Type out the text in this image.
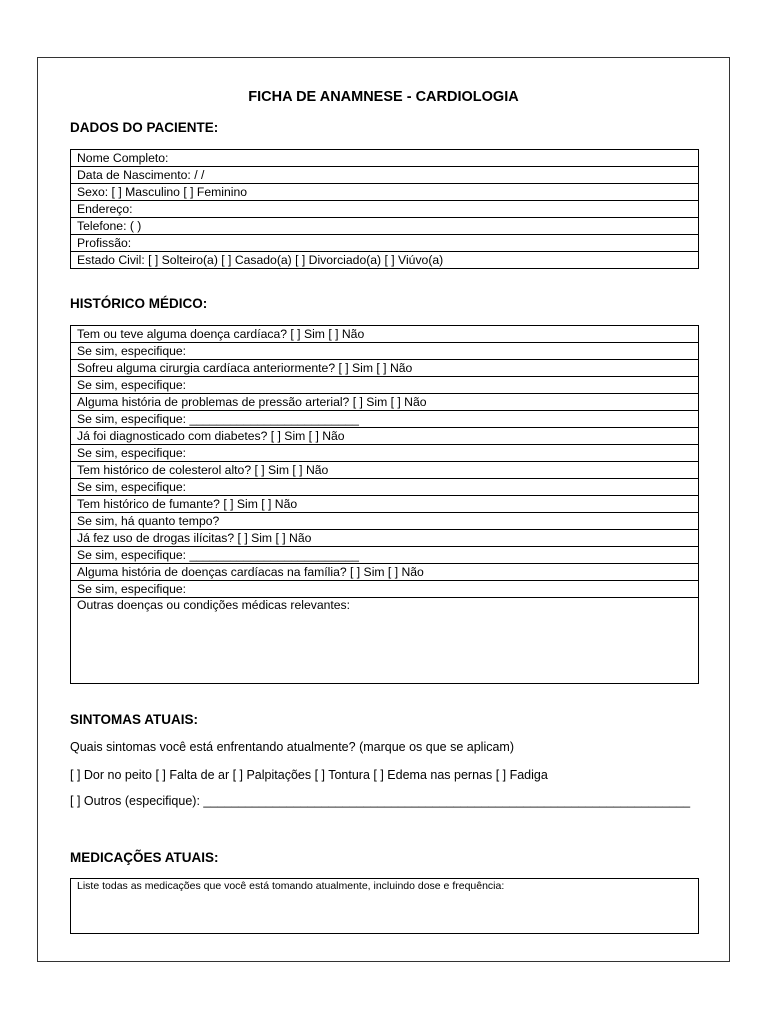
FICHA DE ANAMNESE - CARDIOLOGIA
DADOS DO PACIENTE:
Nome Completo:
Data de Nascimento: / /
Sexo: [ ] Masculino [ ] Feminino
Endereço:
Telefone: ( )
Profissão:
Estado Civil: [ ] Solteiro(a) [ ] Casado(a) [ ] Divorciado(a) [ ] Viúvo(a)
HISTÓRICO MÉDICO:
Tem ou teve alguma doença cardíaca? [ ] Sim [ ] Não
Se sim, especifique:
Sofreu alguma cirurgia cardíaca anteriormente? [ ] Sim [ ] Não
Se sim, especifique:
Alguma história de problemas de pressão arterial? [ ] Sim [ ] Não
Se sim, especifique: _________________________
Já foi diagnosticado com diabetes? [ ] Sim [ ] Não
Se sim, especifique:
Tem histórico de colesterol alto? [ ] Sim [ ] Não
Se sim, especifique:
Tem histórico de fumante? [ ] Sim [ ] Não
Se sim, há quanto tempo?
Já fez uso de drogas ilícitas? [ ] Sim [ ] Não
Se sim, especifique: _________________________
Alguma história de doenças cardíacas na família? [ ] Sim [ ] Não
Se sim, especifique:
Outras doenças ou condições médicas relevantes:
SINTOMAS ATUAIS:
Quais sintomas você está enfrentando atualmente? (marque os que se aplicam)
[ ] Dor no peito [ ] Falta de ar [ ] Palpitações [ ] Tontura [ ] Edema nas pernas [ ] Fadiga
[ ] Outros (especifique): ______________________________________________________________________
MEDICAÇÕES ATUAIS:
Liste todas as medicações que você está tomando atualmente, incluindo dose e frequência:
